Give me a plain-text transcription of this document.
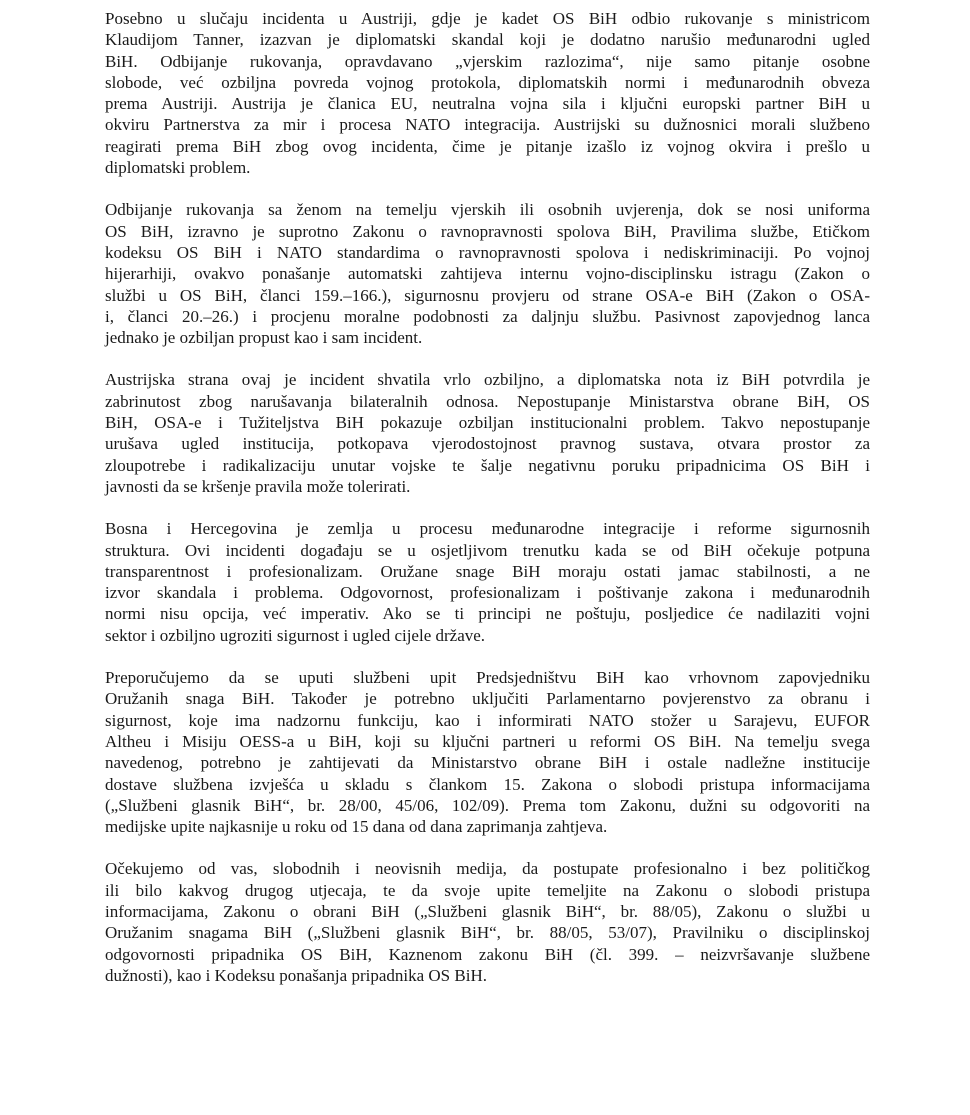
Posebno u slučaju incidenta u Austriji, gdje je kadet OS BiH odbio rukovanje s ministricom
Klaudijom Tanner, izazvan je diplomatski skandal koji je dodatno narušio međunarodni ugled
BiH. Odbijanje rukovanja, opravdavano „vjerskim razlozima“, nije samo pitanje osobne
slobode, već ozbiljna povreda vojnog protokola, diplomatskih normi i međunarodnih obveza
prema Austriji. Austrija je članica EU, neutralna vojna sila i ključni europski partner BiH u
okviru Partnerstva za mir i procesa NATO integracija. Austrijski su dužnosnici morali službeno
reagirati prema BiH zbog ovog incidenta, čime je pitanje izašlo iz vojnog okvira i prešlo u
diplomatski problem.
Odbijanje rukovanja sa ženom na temelju vjerskih ili osobnih uvjerenja, dok se nosi uniforma
OS BiH, izravno je suprotno Zakonu o ravnopravnosti spolova BiH, Pravilima službe, Etičkom
kodeksu OS BiH i NATO standardima o ravnopravnosti spolova i nediskriminaciji. Po vojnoj
hijerarhiji, ovakvo ponašanje automatski zahtijeva internu vojno-disciplinsku istragu (Zakon o
službi u OS BiH, članci 159.–166.), sigurnosnu provjeru od strane OSA-e BiH (Zakon o OSA-
i, članci 20.–26.) i procjenu moralne podobnosti za daljnju službu. Pasivnost zapovjednog lanca
jednako je ozbiljan propust kao i sam incident.
Austrijska strana ovaj je incident shvatila vrlo ozbiljno, a diplomatska nota iz BiH potvrdila je
zabrinutost zbog narušavanja bilateralnih odnosa. Nepostupanje Ministarstva obrane BiH, OS
BiH, OSA-e i Tužiteljstva BiH pokazuje ozbiljan institucionalni problem. Takvo nepostupanje
urušava ugled institucija, potkopava vjerodostojnost pravnog sustava, otvara prostor za
zloupotrebe i radikalizaciju unutar vojske te šalje negativnu poruku pripadnicima OS BiH i
javnosti da se kršenje pravila može tolerirati.
Bosna i Hercegovina je zemlja u procesu međunarodne integracije i reforme sigurnosnih
struktura. Ovi incidenti događaju se u osjetljivom trenutku kada se od BiH očekuje potpuna
transparentnost i profesionalizam. Oružane snage BiH moraju ostati jamac stabilnosti, a ne
izvor skandala i problema. Odgovornost, profesionalizam i poštivanje zakona i međunarodnih
normi nisu opcija, već imperativ. Ako se ti principi ne poštuju, posljedice će nadilaziti vojni
sektor i ozbiljno ugroziti sigurnost i ugled cijele države.
Preporučujemo da se uputi službeni upit Predsjedništvu BiH kao vrhovnom zapovjedniku
Oružanih snaga BiH. Također je potrebno uključiti Parlamentarno povjerenstvo za obranu i
sigurnost, koje ima nadzornu funkciju, kao i informirati NATO stožer u Sarajevu, EUFOR
Altheu i Misiju OESS-a u BiH, koji su ključni partneri u reformi OS BiH. Na temelju svega
navedenog, potrebno je zahtijevati da Ministarstvo obrane BiH i ostale nadležne institucije
dostave službena izvješća u skladu s člankom 15. Zakona o slobodi pristupa informacijama
(„Službeni glasnik BiH“, br. 28/00, 45/06, 102/09). Prema tom Zakonu, dužni su odgovoriti na
medijske upite najkasnije u roku od 15 dana od dana zaprimanja zahtjeva.
Očekujemo od vas, slobodnih i neovisnih medija, da postupate profesionalno i bez političkog
ili bilo kakvog drugog utjecaja, te da svoje upite temeljite na Zakonu o slobodi pristupa
informacijama, Zakonu o obrani BiH („Službeni glasnik BiH“, br. 88/05), Zakonu o službi u
Oružanim snagama BiH („Službeni glasnik BiH“, br. 88/05, 53/07), Pravilniku o disciplinskoj
odgovornosti pripadnika OS BiH, Kaznenom zakonu BiH (čl. 399. – neizvršavanje službene
dužnosti), kao i Kodeksu ponašanja pripadnika OS BiH.
